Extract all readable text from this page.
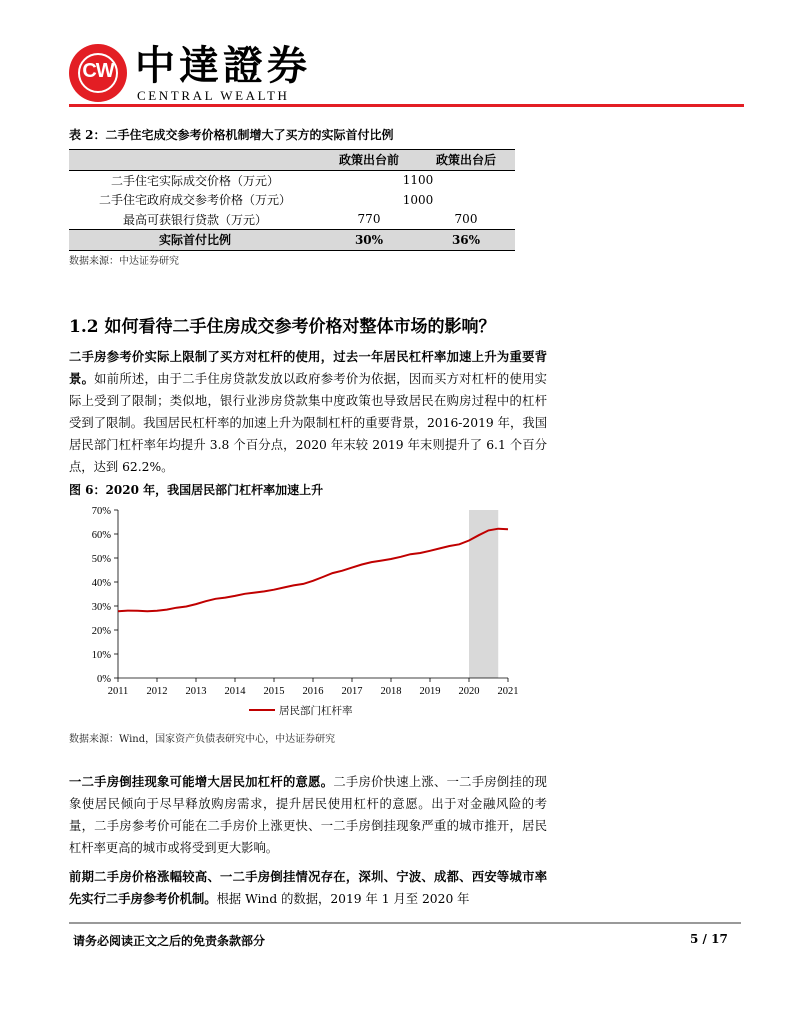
CW 中達證券
CENTRAL WEALTH
表 2：二手住宅成交参考价格机制增大了买方的实际首付比例
	政策出台前	政策出台后
二手住宅实际成交价格（万元）	1100	
二手住宅政府成交参考价格（万元）	1000	
最高可获银行贷款（万元）	770	700
实际首付比例	30%	36%
数据来源：中达证券研究
1.2 如何看待二手住房成交参考价格对整体市场的影响？
二手房参考价实际上限制了买方对杠杆的使用，过去一年居民杠杆率加速上升为重要背景。如前所述，由于二手住房贷款发放以政府参考价为依据，因而买方对杠杆的使用实际上受到了限制；类似地，银行业涉房贷款集中度政策也导致居民在购房过程中的杠杆受到了限制。我国居民杠杆率的加速上升为限制杠杆的重要背景，2016-2019 年，我国居民部门杠杆率年均提升 3.8 个百分点，2020 年末较 2019 年末则提升了 6.1 个百分点，达到 62.2%。
图 6：2020 年，我国居民部门杠杆率加速上升
0%
10%
20%
30%
40%
50%
60%
70%
2011 2012 2013 2014 2015 2016 2017 2018 2019 2020 2021
居民部门杠杆率
数据来源：Wind，国家资产负债表研究中心，中达证券研究
一二手房倒挂现象可能增大居民加杠杆的意愿。二手房价快速上涨、一二手房倒挂的现象使居民倾向于尽早释放购房需求，提升居民使用杠杆的意愿。出于对金融风险的考量，二手房参考价可能在二手房价上涨更快、一二手房倒挂现象严重的城市推开，居民杠杆率更高的城市或将受到更大影响。
前期二手房价格涨幅较高、一二手房倒挂情况存在，深圳、宁波、成都、西安等城市率先实行二手房参考价机制。根据 Wind 的数据，2019 年 1 月至 2020 年
请务必阅读正文之后的免责条款部分	5 / 17
